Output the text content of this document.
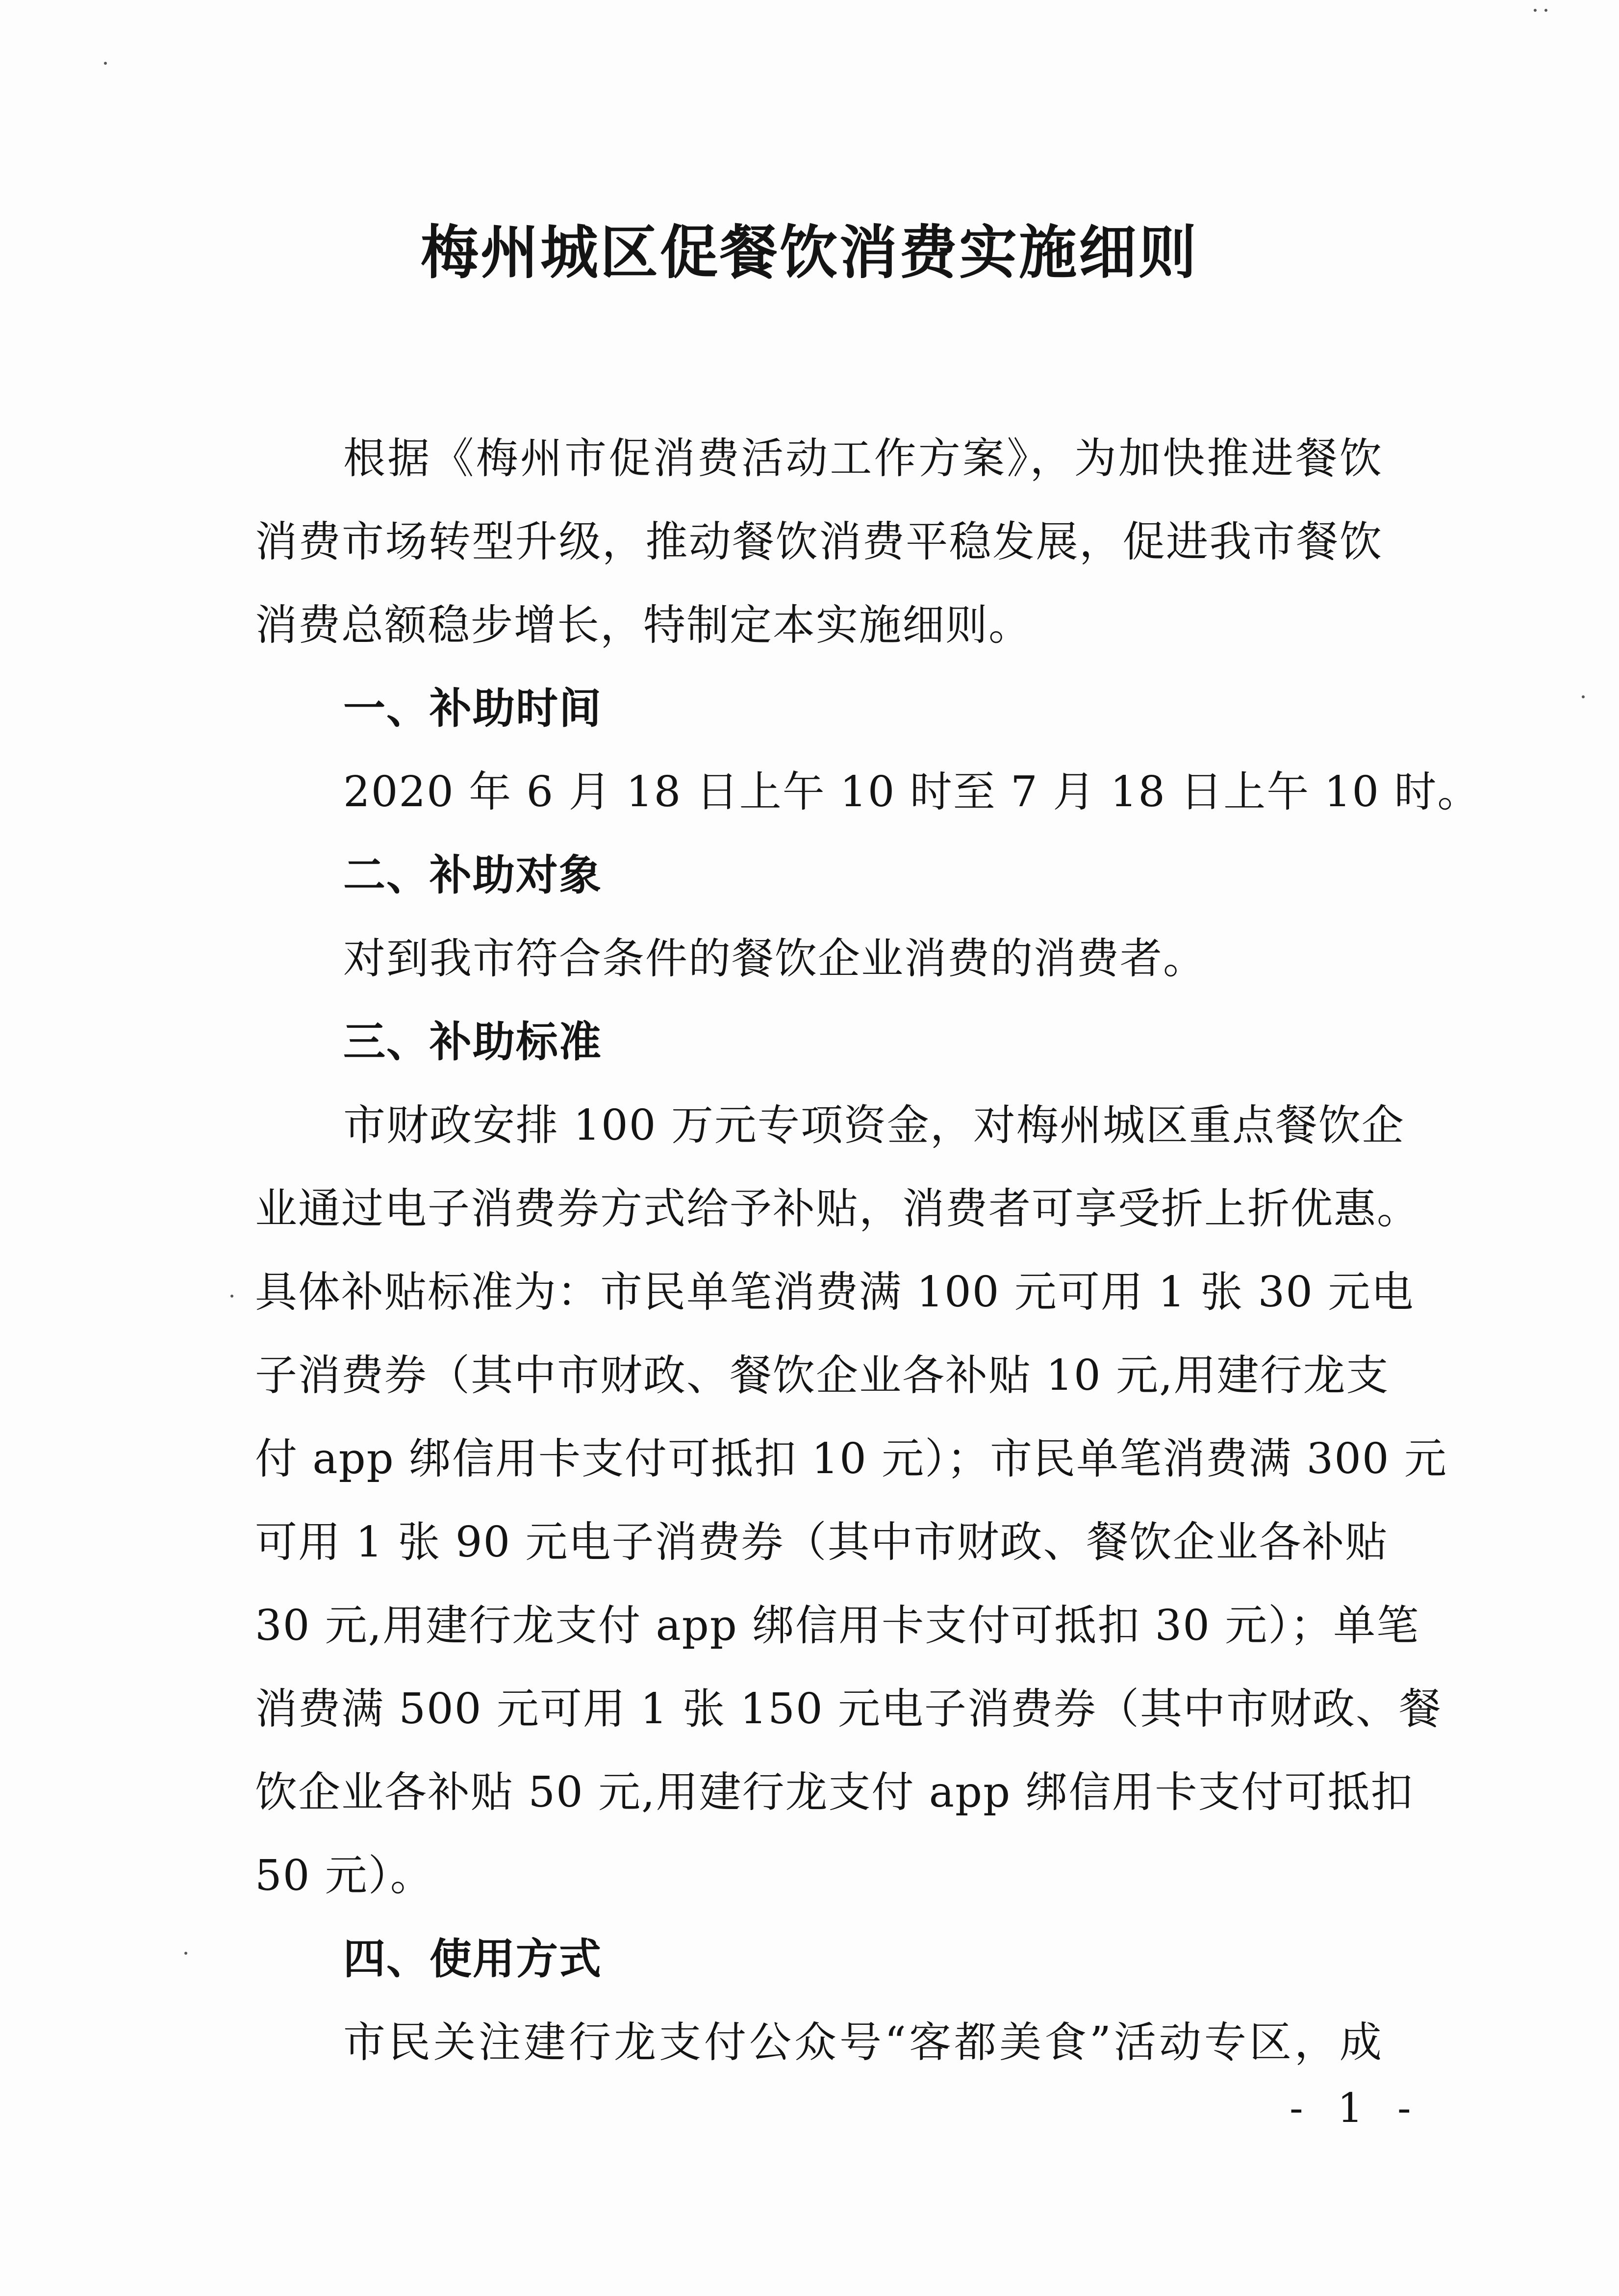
梅州城区促餐饮消费实施细则
根据《梅州市促消费活动工作方案》，为加快推进餐饮
消费市场转型升级，推动餐饮消费平稳发展，促进我市餐饮
消费总额稳步增长，特制定本实施细则。
一、补助时间
2020 年 6 月 18 日上午 10 时至 7 月 18 日上午 10 时。
二、补助对象
对到我市符合条件的餐饮企业消费的消费者。
三、补助标准
市财政安排 100 万元专项资金，对梅州城区重点餐饮企
业通过电子消费券方式给予补贴，消费者可享受折上折优惠。
具体补贴标准为：市民单笔消费满 100 元可用 1 张 30 元电
子消费券（其中市财政、餐饮企业各补贴 10 元,用建行龙支
付 app 绑信用卡支付可抵扣 10 元）；市民单笔消费满 300 元
可用 1 张 90 元电子消费券（其中市财政、餐饮企业各补贴
30 元,用建行龙支付 app 绑信用卡支付可抵扣 30 元）；单笔
消费满 500 元可用 1 张 150 元电子消费券（其中市财政、餐
饮企业各补贴 50 元,用建行龙支付 app 绑信用卡支付可抵扣
50 元）。
四、使用方式
市民关注建行龙支付公众号“客都美食”活动专区，成
- 1 -
